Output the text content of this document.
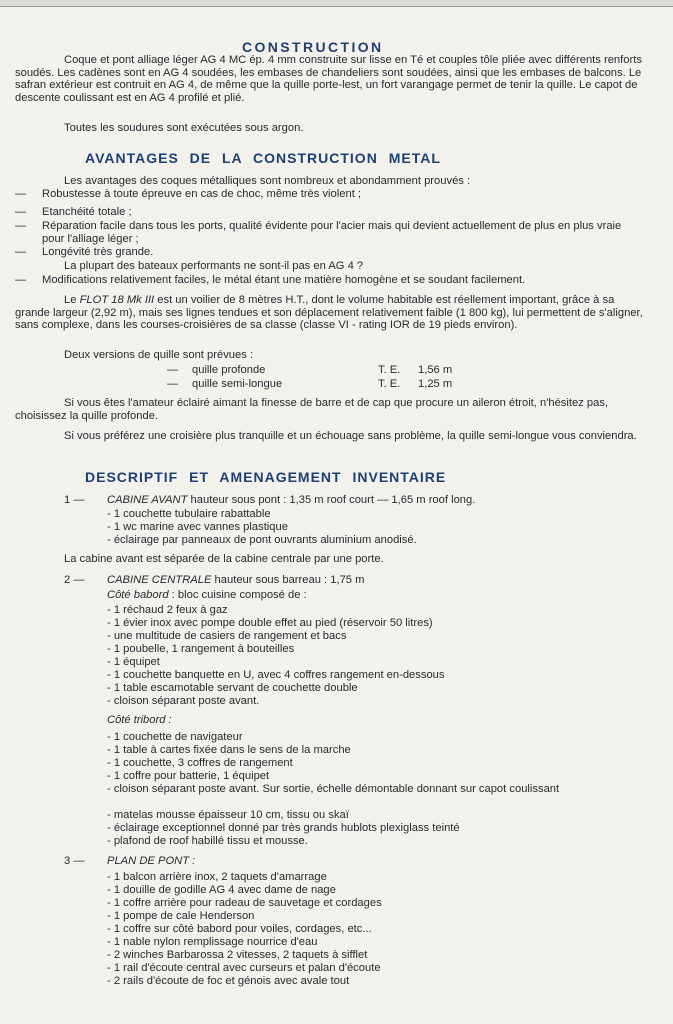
CONSTRUCTION

Coque et pont alliage léger AG 4 MC ép. 4 mm construite sur lisse en Té et couples tôle pliée avec différents renforts soudés. Les cadènes sont en AG 4 soudées, les embases de chandeliers sont soudées, ainsi que les embases de balcons. Le safran extérieur est contruit en AG 4, de même que la quille porte-lest, un fort varangage permet de tenir la quille. Le capot de descente coulissant est en AG 4 profilé et plié.

Toutes les soudures sont exécutées sous argon.

AVANTAGES DE LA CONSTRUCTION METAL

Les avantages des coques métalliques sont nombreux et abondamment prouvés :

— Robustesse à toute épreuve en cas de choc, même très violent ;

— Etanchéité totale ;

— Réparation facile dans tous les ports, qualité évidente pour l'acier mais qui devient actuellement de plus en plus vraie pour l'alliage léger ;

— Longévité très grande.

La plupart des bateaux performants ne sont-il pas en AG 4 ?

— Modifications relativement faciles, le métal étant une matière homogène et se soudant facilement.

Le FLOT 18 Mk III est un voilier de 8 mètres H.T., dont le volume habitable est réellement important, grâce à sa grande largeur (2,92 m), mais ses lignes tendues et son déplacement relativement faible (1 800 kg), lui permettent de s'aligner, sans complexe, dans les courses-croisières de sa classe (classe VI - rating IOR de 19 pieds environ).

Deux versions de quille sont prévues :

— quille profonde	T. E. 1,56 m
— quille semi-longue	T. E. 1,25 m

Si vous êtes l'amateur éclairé aimant la finesse de barre et de cap que procure un aileron étroit, n'hésitez pas, choisissez la quille profonde.

Si vous préférez une croisière plus tranquille et un échouage sans problème, la quille semi-longue vous conviendra.

DESCRIPTIF ET AMENAGEMENT INVENTAIRE
1 — CABINE AVANT hauteur sous pont : 1,35 m roof court — 1,65 m roof long.

- 1 couchette tubulaire rabattable

- 1 wc marine avec vannes plastique

- éclairage par panneaux de pont ouvrants aluminium anodisé.

La cabine avant est séparée de la cabine centrale par une porte.

2 — CABINE CENTRALE hauteur sous barreau : 1,75 m

Côté babord : bloc cuisine composé de :

- 1 réchaud 2 feux à gaz

- 1 évier inox avec pompe double effet au pied (réservoir 50 litres)

- une multitude de casiers de rangement et bacs

- 1 poubelle, 1 rangement à bouteilles

- 1 équipet

- 1 couchette banquette en U, avec 4 coffres rangement en-dessous

- 1 table escamotable servant de couchette double

- cloison séparant poste avant.

Côté tribord :

- 1 couchette de navigateur

- 1 table à cartes fixée dans le sens de la marche

- 1 couchette, 3 coffres de rangement

- 1 coffre pour batterie, 1 équipet

- cloison séparant poste avant. Sur sortie, échelle démontable donnant sur capot coulissant

- matelas mousse épaisseur 10 cm, tissu ou skaï

- éclairage exceptionnel donné par très grands hublots plexiglass teinté

- plafond de roof habillé tissu et mousse.

3 — PLAN DE PONT :

- 1 balcon arrière inox, 2 taquets d'amarrage

- 1 douille de godille AG 4 avec dame de nage

- 1 coffre arrière pour radeau de sauvetage et cordages

- 1 pompe de cale Henderson

- 1 coffre sur côté babord pour voiles, cordages, etc...

- 1 nable nylon remplissage nourrice d'eau

- 2 winches Barbarossa 2 vitesses, 2 taquets à sifflet

- 1 rail d'écoute central avec curseurs et palan d'écoute

- 2 rails d'écoute de foc et génois avec avale tout
